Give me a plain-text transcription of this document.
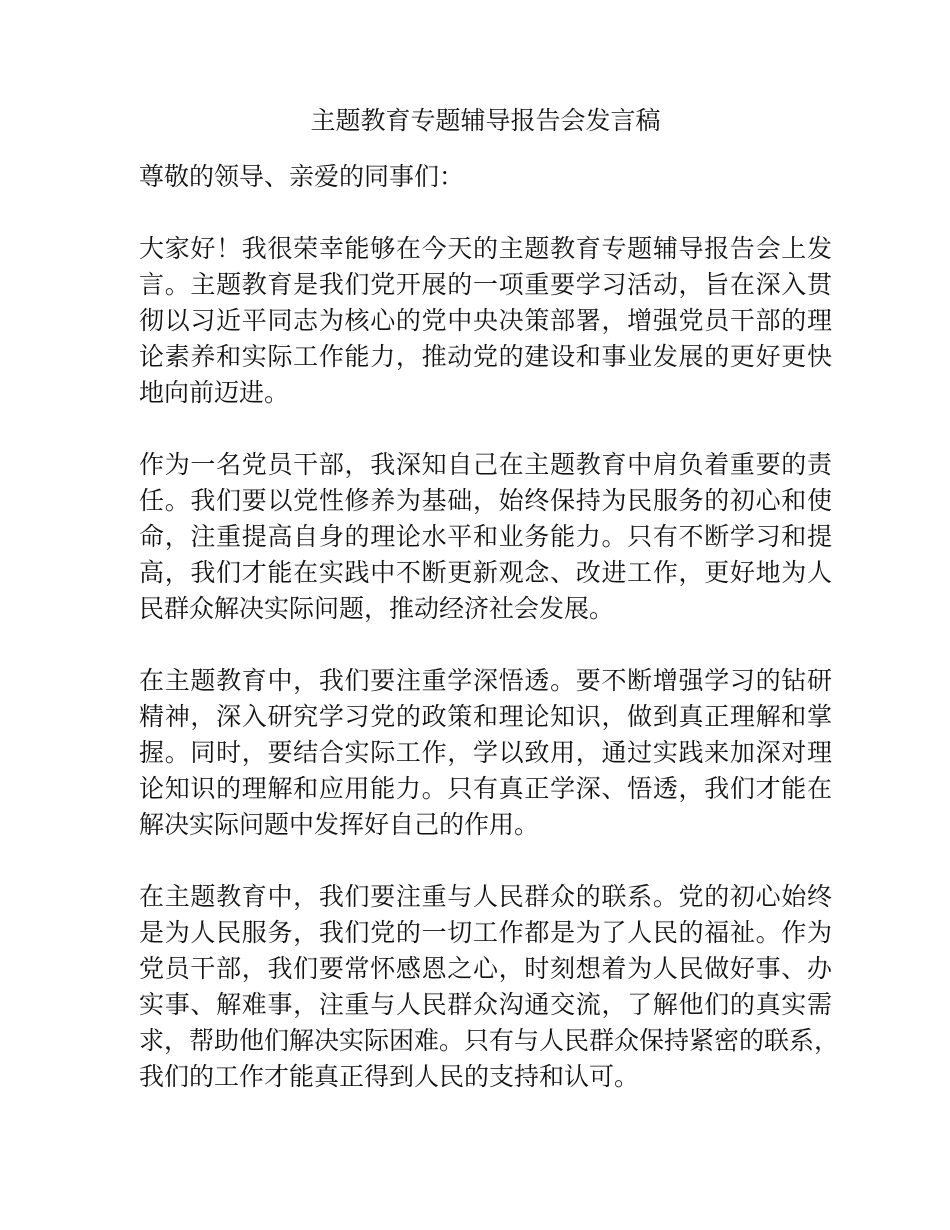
主题教育专题辅导报告会发言稿
尊敬的领导、亲爱的同事们：
大家好！我很荣幸能够在今天的主题教育专题辅导报告会上发
言。主题教育是我们党开展的一项重要学习活动，旨在深入贯
彻以习近平同志为核心的党中央决策部署，增强党员干部的理
论素养和实际工作能力，推动党的建设和事业发展的更好更快
地向前迈进。
作为一名党员干部，我深知自己在主题教育中肩负着重要的责
任。我们要以党性修养为基础，始终保持为民服务的初心和使
命，注重提高自身的理论水平和业务能力。只有不断学习和提
高，我们才能在实践中不断更新观念、改进工作，更好地为人
民群众解决实际问题，推动经济社会发展。
在主题教育中，我们要注重学深悟透。要不断增强学习的钻研
精神，深入研究学习党的政策和理论知识，做到真正理解和掌
握。同时，要结合实际工作，学以致用，通过实践来加深对理
论知识的理解和应用能力。只有真正学深、悟透，我们才能在
解决实际问题中发挥好自己的作用。
在主题教育中，我们要注重与人民群众的联系。党的初心始终
是为人民服务，我们党的一切工作都是为了人民的福祉。作为
党员干部，我们要常怀感恩之心，时刻想着为人民做好事、办
实事、解难事，注重与人民群众沟通交流，了解他们的真实需
求，帮助他们解决实际困难。只有与人民群众保持紧密的联系，
我们的工作才能真正得到人民的支持和认可。
